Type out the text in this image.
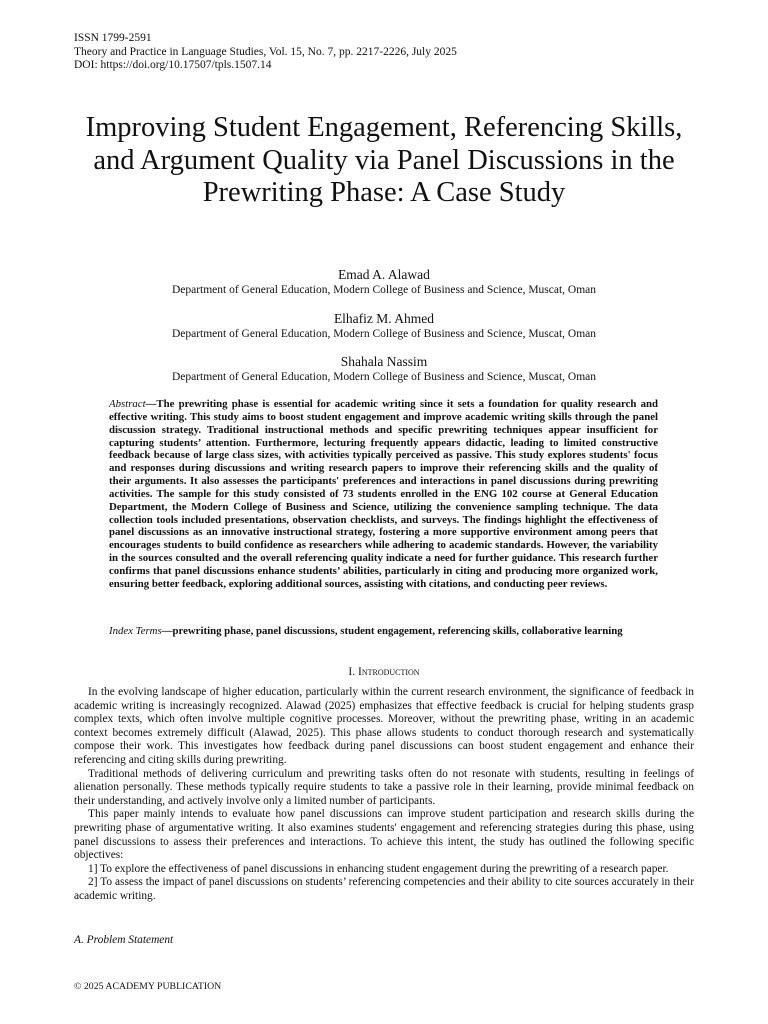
ISSN 1799-2591
Theory and Practice in Language Studies, Vol. 15, No. 7, pp. 2217-2226, July 2025
DOI: https://doi.org/10.17507/tpls.1507.14
Improving Student Engagement, Referencing Skills, and Argument Quality via Panel Discussions in the Prewriting Phase: A Case Study
Emad A. Alawad
Department of General Education, Modern College of Business and Science, Muscat, Oman
Elhafiz M. Ahmed
Department of General Education, Modern College of Business and Science, Muscat, Oman
Shahala Nassim
Department of General Education, Modern College of Business and Science, Muscat, Oman

Abstract—The prewriting phase is essential for academic writing since it sets a foundation for quality research and effective writing. This study aims to boost student engagement and improve academic writing skills through the panel discussion strategy. Traditional instructional methods and specific prewriting techniques appear insufficient for capturing students’ attention. Furthermore, lecturing frequently appears didactic, leading to limited constructive feedback because of large class sizes, with activities typically perceived as passive. This study explores students' focus and responses during discussions and writing research papers to improve their referencing skills and the quality of their arguments. It also assesses the participants' preferences and interactions in panel discussions during prewriting activities. The sample for this study consisted of 73 students enrolled in the ENG 102 course at General Education Department, the Modern College of Business and Science, utilizing the convenience sampling technique. The data collection tools included presentations, observation checklists, and surveys. The findings highlight the effectiveness of panel discussions as an innovative instructional strategy, fostering a more supportive environment among peers that encourages students to build confidence as researchers while adhering to academic standards. However, the variability in the sources consulted and the overall referencing quality indicate a need for further guidance. This research further confirms that panel discussions enhance students’ abilities, particularly in citing and producing more organized work, ensuring better feedback, exploring additional sources, assisting with citations, and conducting peer reviews.

Index Terms—prewriting phase, panel discussions, student engagement, referencing skills, collaborative learning

I. Introduction

In the evolving landscape of higher education, particularly within the current research environment, the significance of feedback in academic writing is increasingly recognized. Alawad (2025) emphasizes that effective feedback is crucial for helping students grasp complex texts, which often involve multiple cognitive processes. Moreover, without the prewriting phase, writing in an academic context becomes extremely difficult (Alawad, 2025). This phase allows students to conduct thorough research and systematically compose their work. This investigates how feedback during panel discussions can boost student engagement and enhance their referencing and citing skills during prewriting.

Traditional methods of delivering curriculum and prewriting tasks often do not resonate with students, resulting in feelings of alienation personally. These methods typically require students to take a passive role in their learning, provide minimal feedback on their understanding, and actively involve only a limited number of participants.

This paper mainly intends to evaluate how panel discussions can improve student participation and research skills during the prewriting phase of argumentative writing. It also examines students' engagement and referencing strategies during this phase, using panel discussions to assess their preferences and interactions. To achieve this intent, the study has outlined the following specific objectives:

1] To explore the effectiveness of panel discussions in enhancing student engagement during the prewriting of a research paper.

2] To assess the impact of panel discussions on students’ referencing competencies and their ability to cite sources accurately in their academic writing.

A. Problem Statement
© 2025 ACADEMY PUBLICATION
